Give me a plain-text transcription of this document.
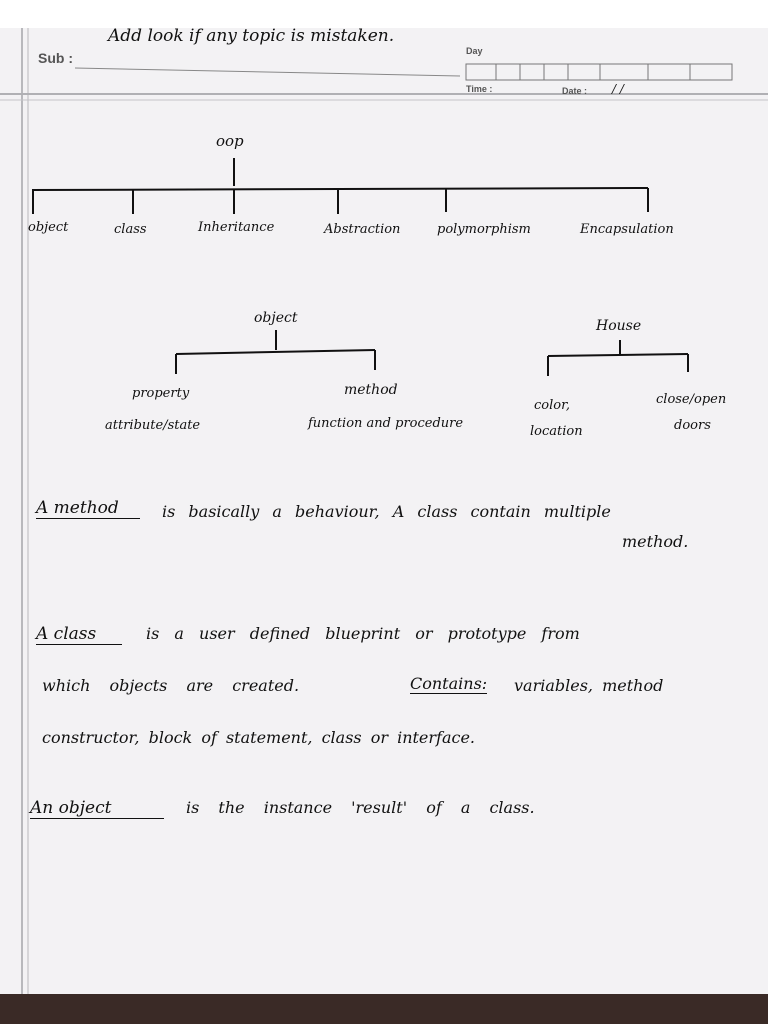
Add look if any topic is mistaken.
Sub :	Day
Time :	Date : / /
oop
object	class	Inheritance	Abstraction	polymorphism	Encapsulation
object
property
attribute/state
method
function and procedure
House
color,
location
close/open
doors
A method	is basically a behaviour, A class contain multiple
method.
A class	is a user defined blueprint or prototype from
which objects are created.	Contains: variables, method
constructor, block of statement, class or interface.
An object	is the instance 'result' of a class.
